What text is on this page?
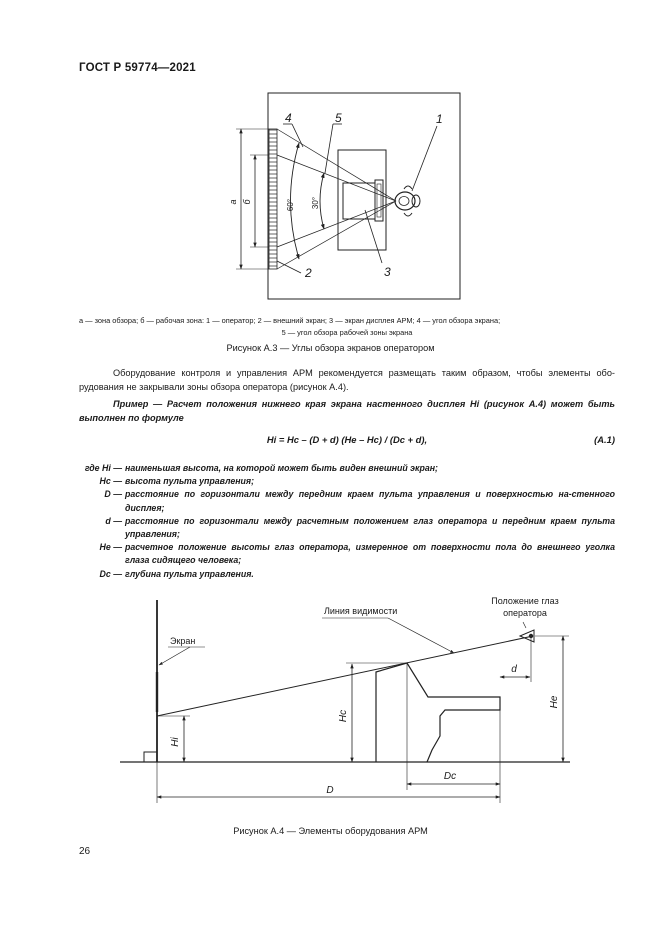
ГОСТ Р 59774—2021
60° 30°
а б
1
2	3
4	5
а — зона обзора; б — рабочая зона: 1 — оператор; 2 — внешний экран; 3 — экран дисплея АРМ; 4 — угол обзора экрана;
5 — угол обзора рабочей зоны экрана
Рисунок А.3 — Углы обзора экранов оператором
Оборудование контроля и управления АРМ рекомендуется размещать таким образом, чтобы элементы обо-рудования не закрывали зоны обзора оператора (рисунок А.4).
Пример — Расчет положения нижнего края экрана настенного дисплея Hi (рисунок А.4) может быть выполнен по формуле
Hi = Hc – (D + d) (He – Hc) / (Dc + d),	(А.1)
где Hi — наименьшая высота, на которой может быть виден внешний экран;
Hc — высота пульта управления;
D — расстояние по горизонтали между передним краем пульта управления и поверхностью на-стенного дисплея;
d — расстояние по горизонтали между расчетным положением глаз оператора и передним краем пульта управления;
He — расчетное положение высоты глаз оператора, измеренное от поверхности пола до внешнего уголка глаза сидящего человека;
Dc — глубина пульта управления.
Экран
Линия видимости
Положение глаз
оператора
Hi
Hc
He
d
Dc
D
Рисунок А.4 — Элементы оборудования АРМ
26
